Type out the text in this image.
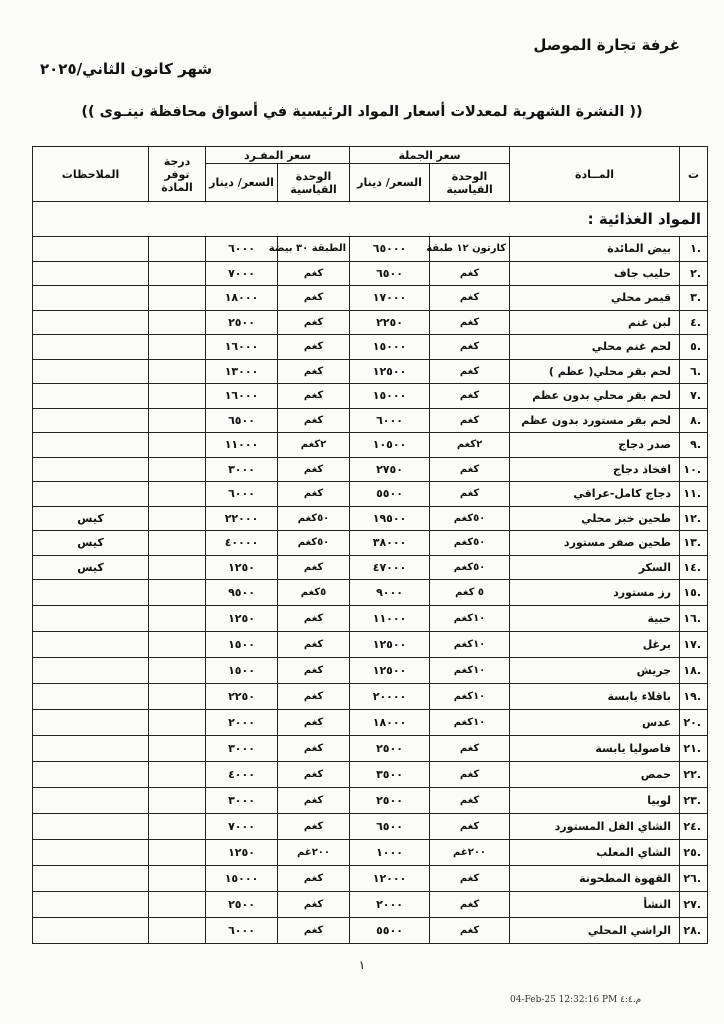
غرفة تجارة الموصل
شهر كانون الثاني/٢٠٢٥
(( النشرة الشهرية لمعدلات أسعار المواد الرئيسية في أسواق محافظة نينـوى ))
ت	المــادة	سعر الجملة		سعر المفـرد		درجة توفر المادة	الملاحظات
		الوحدة القياسية	السعر/ دينار	الوحدة القياسية	السعر/ دينار		
المواد الغذائية :							
.١	بيض المائدة	كارتون ١٢ طبقة	٦٥٠٠٠	الطبقة ٣٠ بيضة	٦٠٠٠		
.٢	حليب جاف	كغم	٦٥٠٠	كغم	٧٠٠٠		
.٣	قيمر محلي	كغم	١٧٠٠٠	كغم	١٨٠٠٠		
.٤	لبن غنم	كغم	٢٢٥٠	كغم	٢٥٠٠		
.٥	لحم غنم محلي	كغم	١٥٠٠٠	كغم	١٦٠٠٠		
.٦	لحم بقر محلي( عظم )	كغم	١٢٥٠٠	كغم	١٣٠٠٠		
.٧	لحم بقر محلي بدون عظم	كغم	١٥٠٠٠	كغم	١٦٠٠٠		
.٨	لحم بقر مستورد بدون عظم	كغم	٦٠٠٠	كغم	٦٥٠٠		
.٩	صدر دجاج	٢كغم	١٠٥٠٠	٢كغم	١١٠٠٠		
.١٠	افخاذ دجاج	كغم	٢٧٥٠	كغم	٣٠٠٠		
.١١	دجاج كامل-عراقي	كغم	٥٥٠٠	كغم	٦٠٠٠		
.١٢	طحين خبز محلي	٥٠كغم	١٩٥٠٠	٥٠كغم	٢٢٠٠٠		كيس
.١٣	طحين صفر مستورد	٥٠كغم	٣٨٠٠٠	٥٠كغم	٤٠٠٠٠		كيس
.١٤	السكر	٥٠كغم	٤٧٠٠٠	كغم	١٢٥٠		كيس
.١٥	رز مستورد	٥ كغم	٩٠٠٠	٥كغم	٩٥٠٠		
.١٦	حبية	١٠كغم	١١٠٠٠	كغم	١٢٥٠		
.١٧	برغل	١٠كغم	١٢٥٠٠	كغم	١٥٠٠		
.١٨	جريش	١٠كغم	١٢٥٠٠	كغم	١٥٠٠		
.١٩	باقلاء يابسة	١٠كغم	٢٠٠٠٠	كغم	٢٢٥٠		
.٢٠	عدس	١٠كغم	١٨٠٠٠	كغم	٢٠٠٠		
.٢١	فاصوليا يابسة	كغم	٢٥٠٠	كغم	٣٠٠٠		
.٢٢	حمص	كغم	٣٥٠٠	كغم	٤٠٠٠		
.٢٣	لوبيا	كغم	٢٥٠٠	كغم	٣٠٠٠		
.٢٤	الشاي الفل المستورد	كغم	٦٥٠٠	كغم	٧٠٠٠		
.٢٥	الشاي المعلب	٢٠٠غم	١٠٠٠	٢٠٠غم	١٢٥٠		
.٢٦	القهوة المطحونة	كغم	١٢٠٠٠	كغم	١٥٠٠٠		
.٢٧	النشأ	كغم	٢٠٠٠	كغم	٢٥٠٠		
.٢٨	الراشي المحلي	كغم	٥٥٠٠	كغم	٦٠٠٠		
١
04-Feb-25 12:32:16 PM م.٤:٤
